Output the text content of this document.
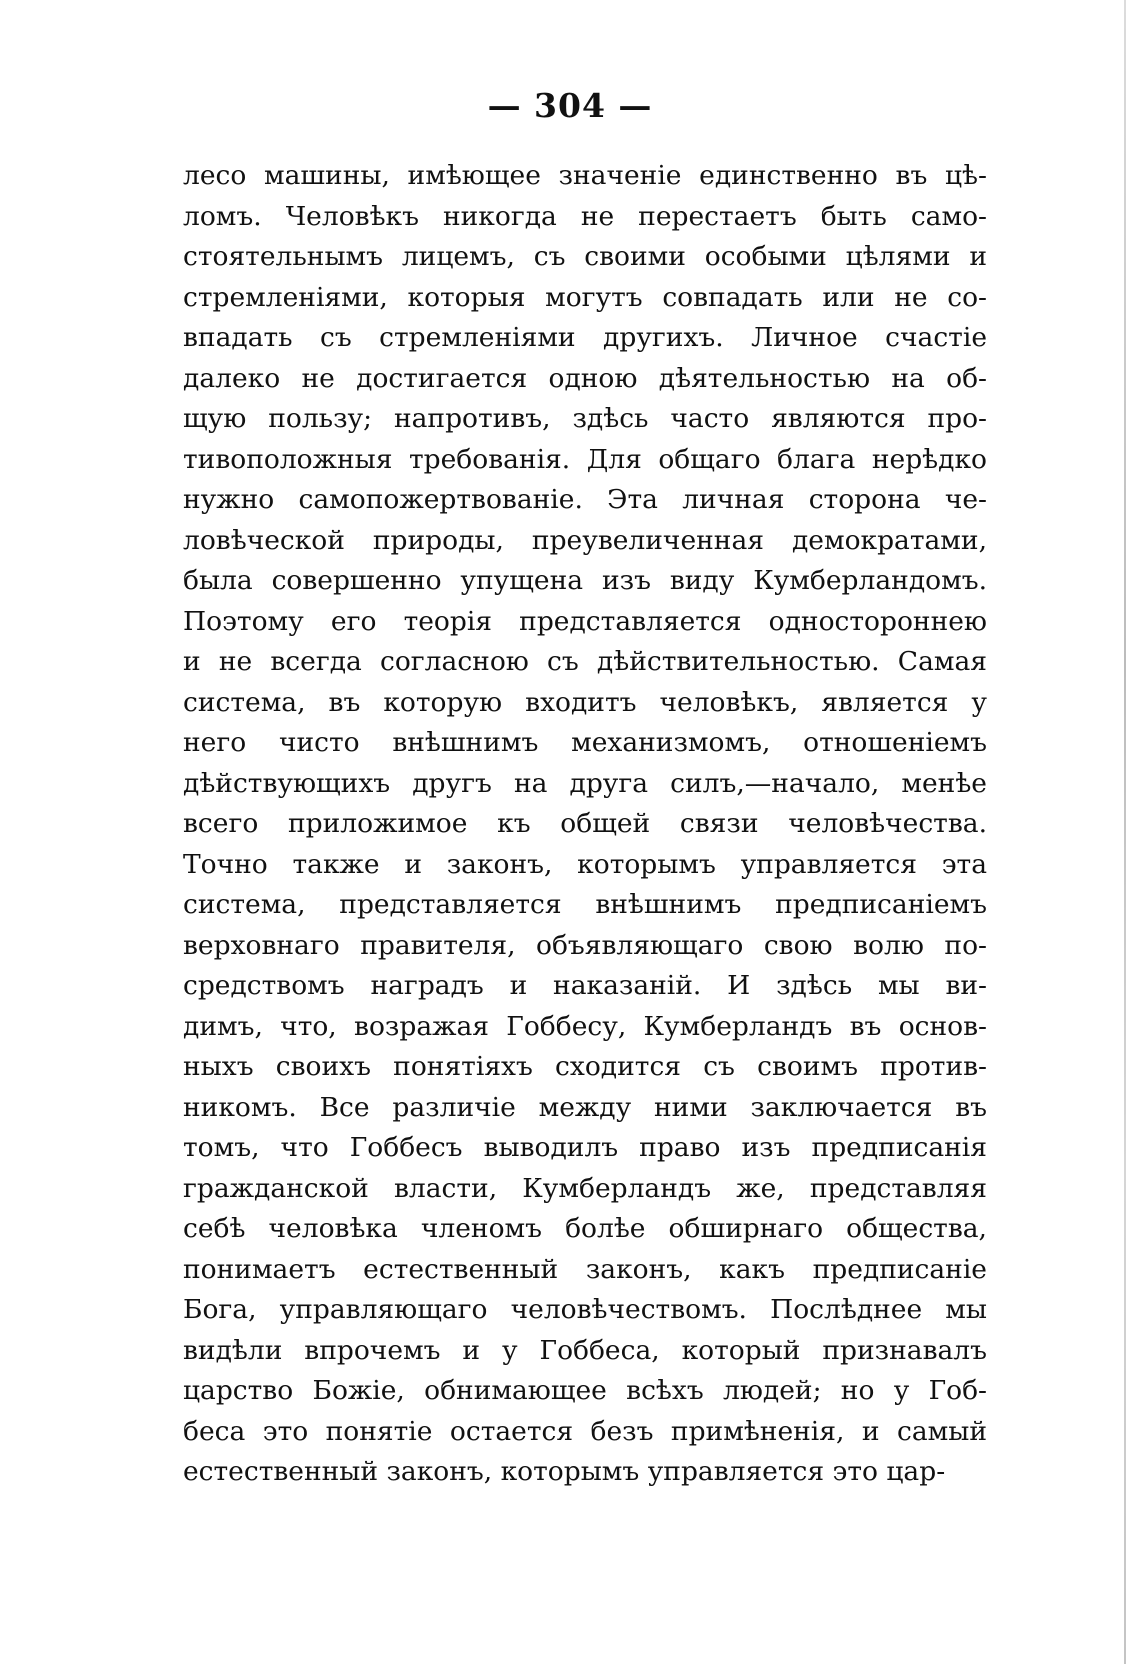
— 304 —
лесо машины, имѣющее значеніе единственно въ цѣ-
ломъ. Человѣкъ никогда не перестаетъ быть само-
стоятельнымъ лицемъ, съ своими особыми цѣлями и
стремленіями, которыя могутъ совпадать или не со-
впадать съ стремленіями другихъ. Личное счастіе
далеко не достигается одною дѣятельностью на об-
щую пользу; напротивъ, здѣсь часто являются про-
тивоположныя требованія. Для общаго блага нерѣдко
нужно самопожертвованіе. Эта личная сторона че-
ловѣческой природы, преувеличенная демократами,
была совершенно упущена изъ виду Кумберландомъ.
Поэтому его теорія представляется одностороннею
и не всегда согласною съ дѣйствительностью. Самая
система, въ которую входитъ человѣкъ, является у
него чисто внѣшнимъ механизмомъ, отношеніемъ
дѣйствующихъ другъ на друга силъ,—начало, менѣе
всего приложимое къ общей связи человѣчества.
Точно также и законъ, которымъ управляется эта
система, представляется внѣшнимъ предписаніемъ
верховнаго правителя, объявляющаго свою волю по-
средствомъ наградъ и наказаній. И здѣсь мы ви-
димъ, что, возражая Гоббесу, Кумберландъ въ основ-
ныхъ своихъ понятіяхъ сходится съ своимъ против-
никомъ. Все различіе между ними заключается въ
томъ, что Гоббесъ выводилъ право изъ предписанія
гражданской власти, Кумберландъ же, представляя
себѣ человѣка членомъ болѣе обширнаго общества,
понимаетъ естественный законъ, какъ предписаніе
Бога, управляющаго человѣчествомъ. Послѣднее мы
видѣли впрочемъ и у Гоббеса, который признавалъ
царство Божіе, обнимающее всѣхъ людей; но у Гоб-
беса это понятіе остается безъ примѣненія, и самый
естественный законъ, которымъ управляется это цар-
